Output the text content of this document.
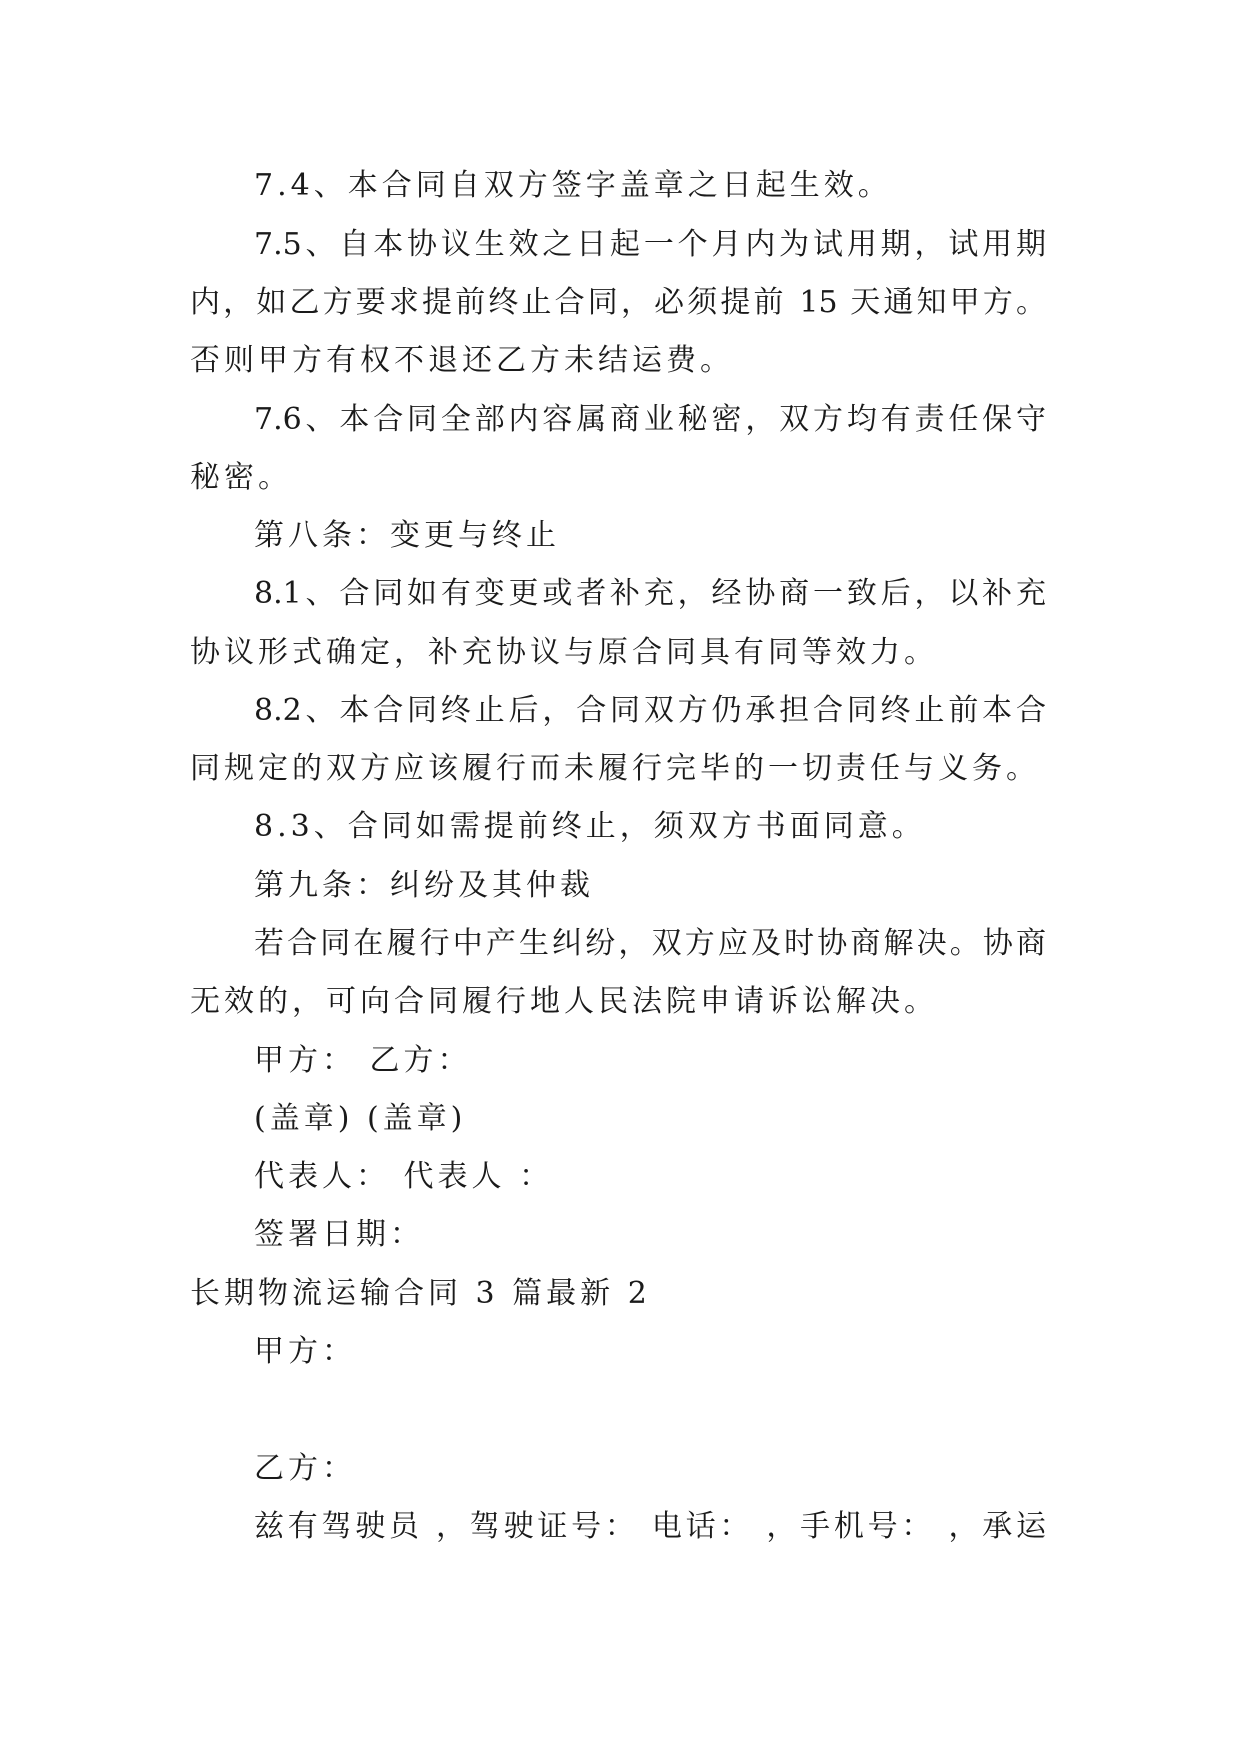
7.4、本合同自双方签字盖章之日起生效。
7.5、自本协议生效之日起一个月内为试用期，试用期
内，如乙方要求提前终止合同，必须提前 15 天通知甲方。
否则甲方有权不退还乙方未结运费。
7.6、本合同全部内容属商业秘密，双方均有责任保守
秘密。
第八条：变更与终止
8.1、合同如有变更或者补充，经协商一致后，以补充
协议形式确定，补充协议与原合同具有同等效力。
8.2、本合同终止后，合同双方仍承担合同终止前本合
同规定的双方应该履行而未履行完毕的一切责任与义务。
8.3、合同如需提前终止，须双方书面同意。
第九条：纠纷及其仲裁
若合同在履行中产生纠纷，双方应及时协商解决。协商
无效的，可向合同履行地人民法院申请诉讼解决。
甲方： 乙方：
(盖章) (盖章)
代表人： 代表人 ：
签署日期：
长期物流运输合同 3 篇最新 2
甲方：
乙方：
兹有驾驶员 ，驾驶证号： 电话： ，手机号： ，承运
